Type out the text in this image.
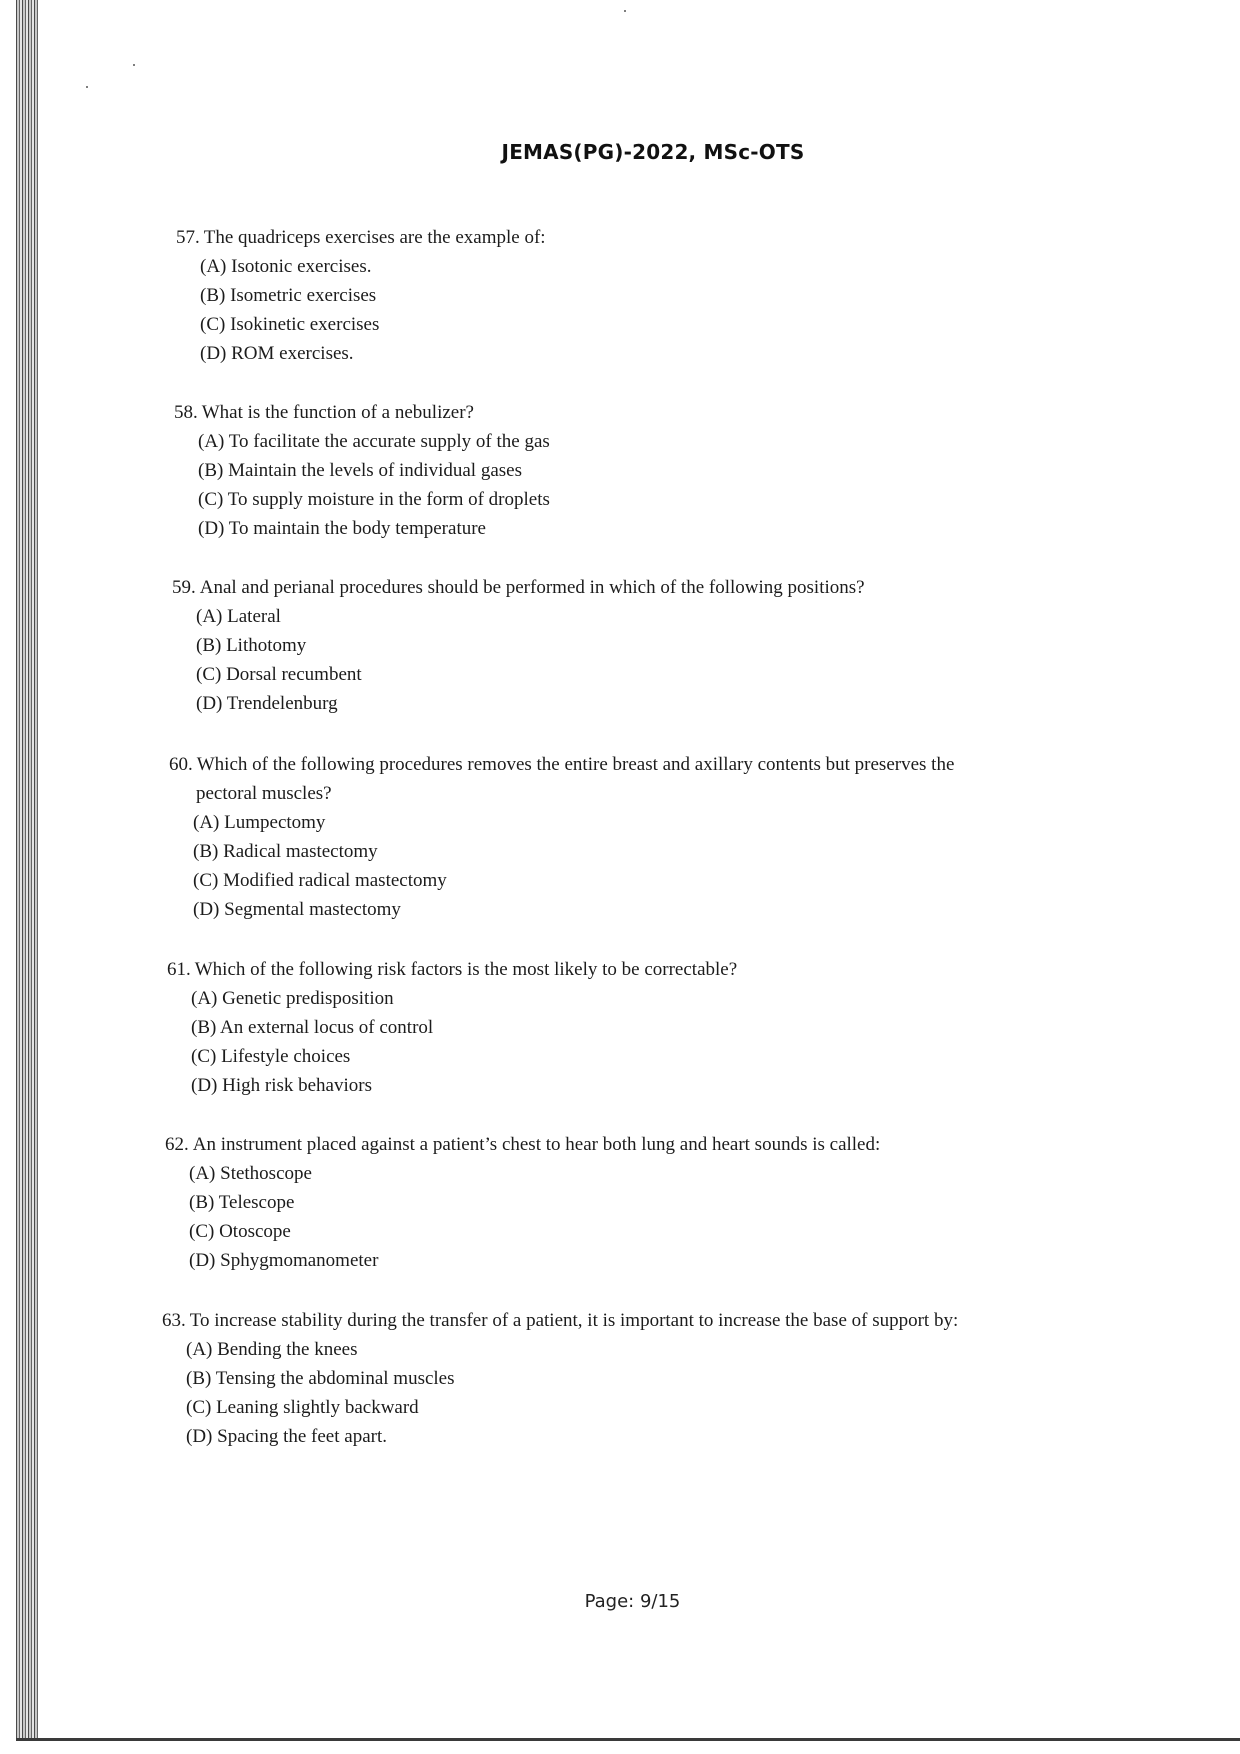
JEMAS(PG)-2022, MSc-OTS
57. The quadriceps exercises are the example of:
(A) Isotonic exercises.
(B) Isometric exercises
(C) Isokinetic exercises
(D) ROM exercises.
58. What is the function of a nebulizer?
(A) To facilitate the accurate supply of the gas
(B) Maintain the levels of individual gases
(C) To supply moisture in the form of droplets
(D) To maintain the body temperature
59. Anal and perianal procedures should be performed in which of the following positions?
(A) Lateral
(B) Lithotomy
(C) Dorsal recumbent
(D) Trendelenburg
60. Which of the following procedures removes the entire breast and axillary contents but preserves the
pectoral muscles?
(A) Lumpectomy
(B) Radical mastectomy
(C) Modified radical mastectomy
(D) Segmental mastectomy
61. Which of the following risk factors is the most likely to be correctable?
(A) Genetic predisposition
(B) An external locus of control
(C) Lifestyle choices
(D) High risk behaviors
62. An instrument placed against a patient’s chest to hear both lung and heart sounds is called:
(A) Stethoscope
(B) Telescope
(C) Otoscope
(D) Sphygmomanometer
63. To increase stability during the transfer of a patient, it is important to increase the base of support by:
(A) Bending the knees
(B) Tensing the abdominal muscles
(C) Leaning slightly backward
(D) Spacing the feet apart.
Page: 9/15
